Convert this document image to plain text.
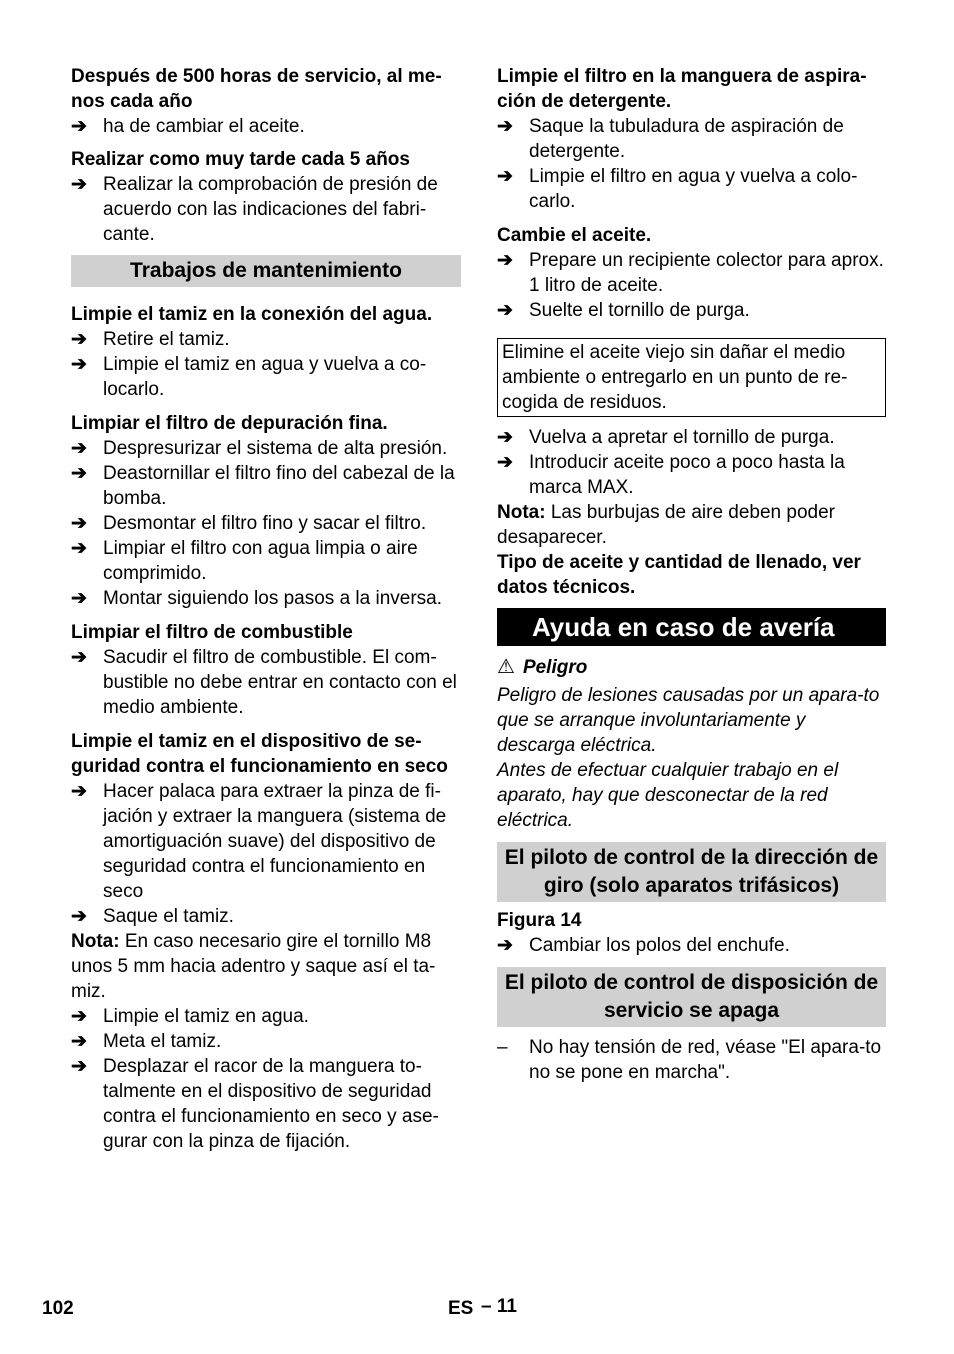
Después de 500 horas de servicio, al me-nos cada año
➔ ha de cambiar el aceite.
Realizar como muy tarde cada 5 años
➔ Realizar la comprobación de presión de acuerdo con las indicaciones del fabri-cante.
Trabajos de mantenimiento
Limpie el tamiz en la conexión del agua.
➔ Retire el tamiz.
➔ Limpie el tamiz en agua y vuelva a co-locarlo.
Limpiar el filtro de depuración fina.
➔ Despresurizar el sistema de alta presión.
➔ Deastornillar el filtro fino del cabezal de la bomba.
➔ Desmontar el filtro fino y sacar el filtro.
➔ Limpiar el filtro con agua limpia o aire comprimido.
➔ Montar siguiendo los pasos a la inversa.
Limpiar el filtro de combustible
➔ Sacudir el filtro de combustible. El com-bustible no debe entrar en contacto con el medio ambiente.
Limpie el tamiz en el dispositivo de se-guridad contra el funcionamiento en seco
➔ Hacer palaca para extraer la pinza de fi-jación y extraer la manguera (sistema de amortiguación suave) del dispositivo de seguridad contra el funcionamiento en seco
➔ Saque el tamiz.
Nota: En caso necesario gire el tornillo M8 unos 5 mm hacia adentro y saque así el ta-miz.
➔ Limpie el tamiz en agua.
➔ Meta el tamiz.
➔ Desplazar el racor de la manguera to-talmente en el dispositivo de seguridad contra el funcionamiento en seco y ase-gurar con la pinza de fijación.
Limpie el filtro en la manguera de aspira-ción de detergente.
➔ Saque la tubuladura de aspiración de detergente.
➔ Limpie el filtro en agua y vuelva a colo-carlo.
Cambie el aceite.
➔ Prepare un recipiente colector para aprox. 1 litro de aceite.
➔ Suelte el tornillo de purga.
Elimine el aceite viejo sin dañar el medio ambiente o entregarlo en un punto de re-cogida de residuos.
➔ Vuelva a apretar el tornillo de purga.
➔ Introducir aceite poco a poco hasta la marca MAX.
Nota: Las burbujas de aire deben poder desaparecer.
Tipo de aceite y cantidad de llenado, ver datos técnicos.
Ayuda en caso de avería
⚠ Peligro
Peligro de lesiones causadas por un apara-to que se arranque involuntariamente y descarga eléctrica.
Antes de efectuar cualquier trabajo en el aparato, hay que desconectar de la red eléctrica.
El piloto de control de la dirección de giro (solo aparatos trifásicos)
Figura 14
➔ Cambiar los polos del enchufe.
El piloto de control de disposición de servicio se apaga
– No hay tensión de red, véase "El apara-to no se pone en marcha".
102	ES – 11
